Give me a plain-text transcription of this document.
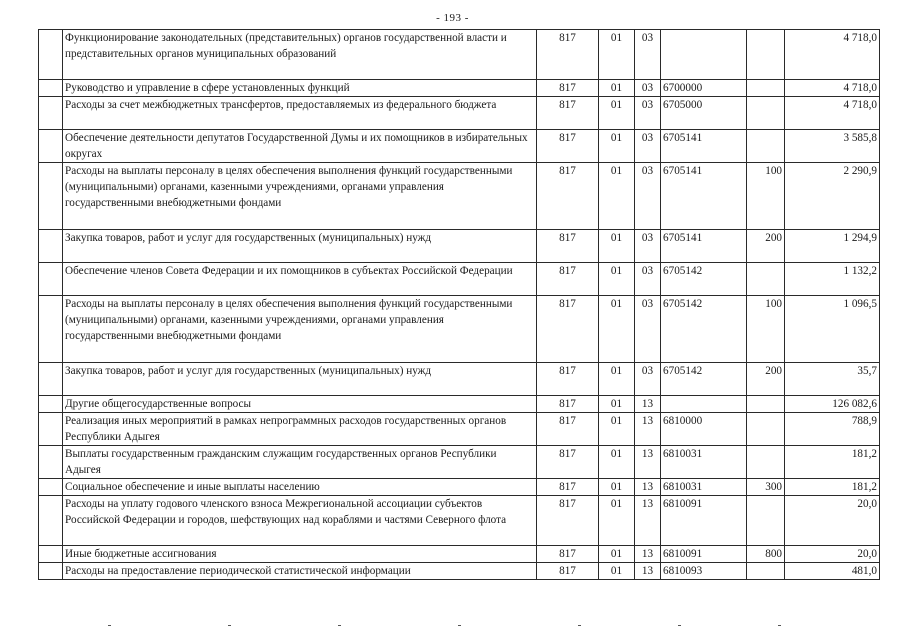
- 193 -
	Функционирование законодательных (представительных) органов государственной власти и представительных органов муниципальных образований	817	01	03			4 718,0
	Руководство и управление в сфере установленных функций	817	01	03	6700000		4 718,0
	Расходы за счет межбюджетных трансфертов, предоставляемых из федерального бюджета	817	01	03	6705000		4 718,0
	Обеспечение деятельности депутатов Государственной Думы и их помощников в избирательных округах	817	01	03	6705141		3 585,8
	Расходы на выплаты персоналу в целях обеспечения выполнения функций государственными (муниципальными) органами, казенными учреждениями, органами управления государственными внебюджетными фондами	817	01	03	6705141	100	2 290,9
	Закупка товаров, работ и услуг для государственных (муниципальных) нужд	817	01	03	6705141	200	1 294,9
	Обеспечение членов Совета Федерации и их помощников в субъектах Российской Федерации	817	01	03	6705142		1 132,2
	Расходы на выплаты персоналу в целях обеспечения выполнения функций государственными (муниципальными) органами, казенными учреждениями, органами управления государственными внебюджетными фондами	817	01	03	6705142	100	1 096,5
	Закупка товаров, работ и услуг для государственных (муниципальных) нужд	817	01	03	6705142	200	35,7
	Другие общегосударственные вопросы	817	01	13			126 082,6
	Реализация иных мероприятий в рамках непрограммных расходов государственных органов Республики Адыгея	817	01	13	6810000		788,9
	Выплаты государственным гражданским служащим государственных органов Республики Адыгея	817	01	13	6810031		181,2
	Социальное обеспечение и иные выплаты населению	817	01	13	6810031	300	181,2
	Расходы на уплату годового членского взноса Межрегиональной ассоциации субъектов Российской Федерации и городов, шефствующих над кораблями и частями Северного флота	817	01	13	6810091		20,0
	Иные бюджетные ассигнования	817	01	13	6810091	800	20,0
	Расходы на предоставление периодической статистической информации	817	01	13	6810093		481,0
